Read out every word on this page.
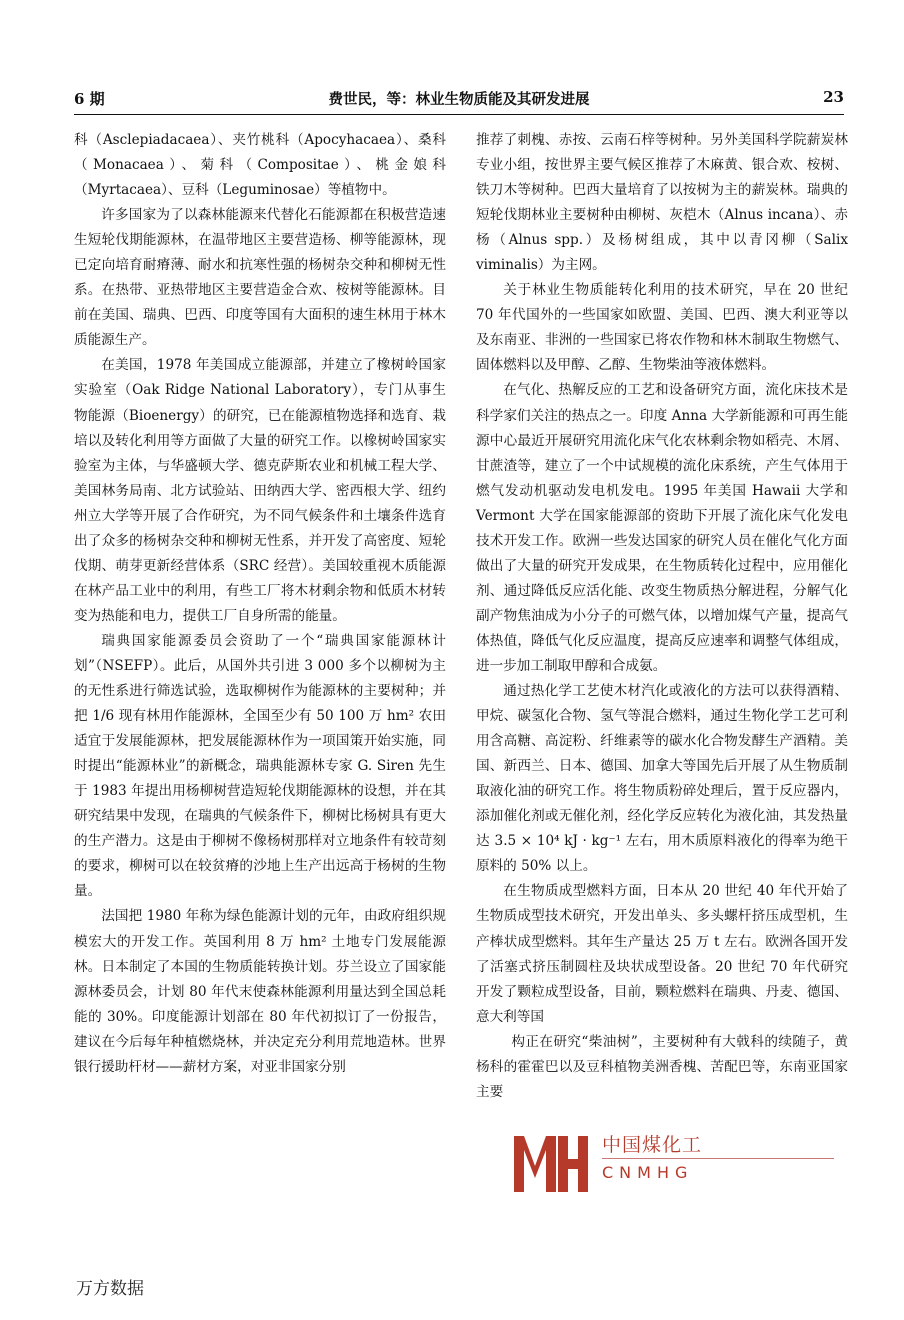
6 期	费世民，等：林业生物质能及其研发进展	23

科（Asclepiadacaea）、夹竹桃科（Apocyhacaea）、桑科（Monacaea）、菊科（Compositae）、桃金娘科（Myrtacaea）、豆科（Leguminosae）等植物中。

许多国家为了以森林能源来代替化石能源都在积极营造速生短轮伐期能源林，在温带地区主要营造杨、柳等能源林，现已定向培育耐瘠薄、耐水和抗寒性强的杨树杂交种和柳树无性系。在热带、亚热带地区主要营造金合欢、桉树等能源林。目前在美国、瑞典、巴西、印度等国有大面积的速生林用于林木质能源生产。

在美国，1978 年美国成立能源部，并建立了橡树岭国家实验室（Oak Ridge National Laboratory），专门从事生物能源（Bioenergy）的研究，已在能源植物选择和选育、栽培以及转化利用等方面做了大量的研究工作。以橡树岭国家实验室为主体，与华盛顿大学、德克萨斯农业和机械工程大学、美国林务局南、北方试验站、田纳西大学、密西根大学、纽约州立大学等开展了合作研究，为不同气候条件和土壤条件选育出了众多的杨树杂交种和柳树无性系，并开发了高密度、短轮伐期、萌芽更新经营体系（SRC 经营）。美国较重视木质能源在林产品工业中的利用，有些工厂将木材剩余物和低质木材转变为热能和电力，提供工厂自身所需的能量。

瑞典国家能源委员会资助了一个“瑞典国家能源林计划”（NSEFP）。此后，从国外共引进 3 000 多个以柳树为主的无性系进行筛选试验，选取柳树作为能源林的主要树种；并把 1/6 现有林用作能源林，全国至少有 50 100 万 hm² 农田适宜于发展能源林，把发展能源林作为一项国策开始实施，同时提出“能源林业”的新概念，瑞典能源林专家 G. Siren 先生于 1983 年提出用杨柳树营造短轮伐期能源林的设想，并在其研究结果中发现，在瑞典的气候条件下，柳树比杨树具有更大的生产潜力。这是由于柳树不像杨树那样对立地条件有较苛刻的要求，柳树可以在较贫瘠的沙地上生产出远高于杨树的生物量。

法国把 1980 年称为绿色能源计划的元年，由政府组织规模宏大的开发工作。英国利用 8 万 hm² 土地专门发展能源林。日本制定了本国的生物质能转换计划。芬兰设立了国家能源林委员会，计划 80 年代末使森林能源利用量达到全国总耗能的 30%。印度能源计划部在 80 年代初拟订了一份报告，建议在今后每年种植燃烧林，并决定充分利用荒地造林。世界银行援助杆材——薪材方案，对亚非国家分别

推荐了刺槐、赤按、云南石梓等树种。另外美国科学院薪炭林专业小组，按世界主要气候区推荐了木麻黄、银合欢、桉树、铁刀木等树种。巴西大量培育了以按树为主的薪炭林。瑞典的短轮伐期林业主要树种由柳树、灰桤木（Alnus incana）、赤杨（Alnus spp.）及杨树组成，其中以青冈柳（Salix viminalis）为主网。

关于林业生物质能转化利用的技术研究，早在 20 世纪 70 年代国外的一些国家如欧盟、美国、巴西、澳大利亚等以及东南亚、非洲的一些国家已将农作物和林木制取生物燃气、固体燃料以及甲醇、乙醇、生物柴油等液体燃料。

在气化、热解反应的工艺和设备研究方面，流化床技术是科学家们关注的热点之一。印度 Anna 大学新能源和可再生能源中心最近开展研究用流化床气化农林剩余物如稻壳、木屑、甘蔗渣等，建立了一个中试规模的流化床系统，产生气体用于燃气发动机驱动发电机发电。1995 年美国 Hawaii 大学和 Vermont 大学在国家能源部的资助下开展了流化床气化发电技术开发工作。欧洲一些发达国家的研究人员在催化气化方面做出了大量的研究开发成果，在生物质转化过程中，应用催化剂、通过降低反应活化能、改变生物质热分解进程，分解气化副产物焦油成为小分子的可燃气体，以增加煤气产量，提高气体热值，降低气化反应温度，提高反应速率和调整气体组成，进一步加工制取甲醇和合成氨。

通过热化学工艺使木材汽化或液化的方法可以获得酒精、甲烷、碳氢化合物、氢气等混合燃料，通过生物化学工艺可利用含高糖、高淀粉、纤维素等的碳水化合物发酵生产酒精。美国、新西兰、日本、德国、加拿大等国先后开展了从生物质制取液化油的研究工作。将生物质粉碎处理后，置于反应器内，添加催化剂或无催化剂，经化学反应转化为液化油，其发热量达 3.5 × 10⁴ kJ · kg⁻¹ 左右，用木质原料液化的得率为绝干原料的 50% 以上。

在生物质成型燃料方面，日本从 20 世纪 40 年代开始了生物质成型技术研究，开发出单头、多头螺杆挤压成型机，生产棒状成型燃料。其年生产量达 25 万 t 左右。欧洲各国开发了活塞式挤压制圆柱及块状成型设备。20 世纪 70 年代研究开发了颗粒成型设备，目前，颗粒燃料在瑞典、丹麦、德国、意大利等国

构正在研究“柴油树”，主要树种有大戟科的续随子，黄杨科的霍霍巴以及豆科植物美洲香槐、苦配巴等，东南亚国家主要

中国煤化工
CNMHG
万方数据
